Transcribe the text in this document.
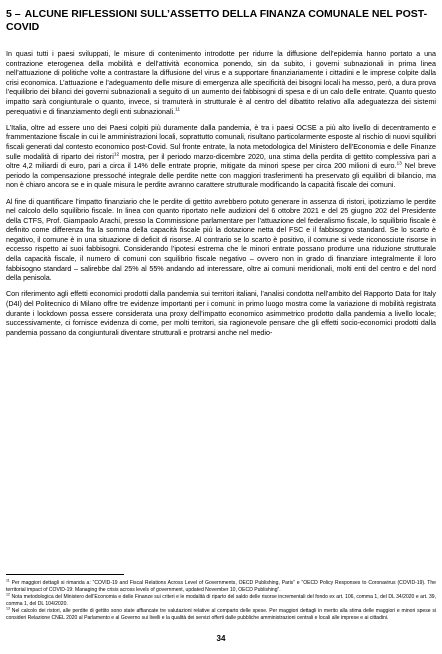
5 – ALCUNE RIFLESSIONI SULL’ASSETTO DELLA FINANZA COMUNALE NEL POST-COVID

In quasi tutti i paesi sviluppati, le misure di contenimento introdotte per ridurre la diffusione dell’epidemia hanno portato a una contrazione eterogenea della mobilità e dell’attività economica ponendo, sin da subito, i governi subnazionali in prima linea nell’attuazione di politiche volte a contrastare la diffusione del virus e a supportare finanziariamente i cittadini e le imprese colpite dalla crisi economica. L’attuazione e l’adeguamento delle misure di emergenza alle specificità dei bisogni locali ha messo, però, a dura prova l’equilibrio dei bilanci dei governi subnazionali a seguito di un aumento dei fabbisogni di spesa e di un calo delle entrate. Quanto questo impatto sarà congiunturale o quanto, invece, si tramuterà in strutturale è al centro del dibattito relativo alla adeguatezza dei sistemi perequativi e di finanziamento degli enti subnazionali.$^{11}$

L’Italia, oltre ad essere uno dei Paesi colpiti più duramente dalla pandemia, è tra i paesi OCSE a più alto livello di decentramento e frammentazione fiscale in cui le amministrazioni locali, soprattutto comunali, risultano particolarmente esposte al rischio di nuovi squilibri fiscali generati dal contesto economico post-Covid. Sul fronte entrate, la nota metodologica del Ministero dell’Economia e delle Finanze sulle modalità di riparto dei ristori$^{12}$ mostra, per il periodo marzo-dicembre 2020, una stima della perdita di gettito complessiva pari a oltre 4,2 miliardi di euro, pari a circa il 14% delle entrate proprie, mitigate da minori spese per circa 200 milioni di euro.$^{13}$ Nel breve periodo la compensazione pressoché integrale delle perdite nette con maggiori trasferimenti ha preservato gli equilibri di bilancio, ma non è chiaro ancora se e in quale misura le perdite avranno carattere strutturale modificando la capacità fiscale dei comuni.

Al fine di quantificare l’impatto finanziario che le perdite di gettito avrebbero potuto generare in assenza di ristori, ipotizziamo le perdite nel calcolo dello squilibrio fiscale. In linea con quanto riportato nelle audizioni del 6 ottobre 2021 e del 25 giugno 202 del Presidente della CTFS, Prof. Giampaolo Arachi, presso la Commissione parlamentare per l’attuazione del federalismo fiscale, lo squilibrio fiscale è definito come differenza fra la somma della capacità fiscale più la dotazione netta del FSC e il fabbisogno standard. Se lo scarto è negativo, il comune è in una situazione di deficit di risorse. Al contrario se lo scarto è positivo, il comune si vede riconosciute risorse in eccesso rispetto ai suoi fabbisogni. Considerando l’ipotesi estrema che le minori entrate possano produrre una riduzione strutturale della capacità fiscale, il numero di comuni con squilibrio fiscale negativo – ovvero non in grado di finanziare integralmente il loro fabbisogno standard – salirebbe dal 25% al 55% andando ad interessare, oltre ai comuni meridionali, molti enti del centro e del nord della penisola.

Con riferimento agli effetti economici prodotti dalla pandemia sui territori italiani, l’analisi condotta nell’ambito del Rapporto Data for Italy (D4I) del Politecnico di Milano offre tre evidenze importanti per i comuni: in primo luogo mostra come la variazione di mobilità registrata durante i lockdown possa essere considerata una proxy dell’impatto economico asimmetrico prodotto dalla pandemia a livello locale; successivamente, ci fornisce evidenza di come, per molti territori, sia ragionevole pensare che gli effetti socio-economici prodotti dalla pandemia possano da congiunturali diventare strutturali e protrarsi anche nel medio-

$^{11}$ Per maggiori dettagli si rimanda a: “COVID-19 and Fiscal Relations Across Level of Governments, OECD Publishing, Paris” e “OECD Policy Responses to Coronavirus (COVID-19). The territorial impact of COVID-19: Managing the crisis across levels of government, updated November 10, OECD Publishing”.

$^{12}$ Nota metodologica del Ministero dell’Economia e delle Finanze sui criteri e le modalità di riparto del saldo delle risorse incrementali del fondo ex art. 106, comma 1, del DL 34/2020 e art. 39, comma 1, del DL 104/2020.

$^{13}$ Nel calcolo dei ristori, alle perdite di gettito sono state affiancate tre valutazioni relative al comparto delle spese. Per maggiori dettagli in merito alla stima delle maggiori e minori spese si consideri Relazione CNEL 2020 al Parlamento e al Governo sui livelli e la qualità dei servizi offerti dalle pubbliche amministrazioni centrali e locali alle imprese e ai cittadini.

34
